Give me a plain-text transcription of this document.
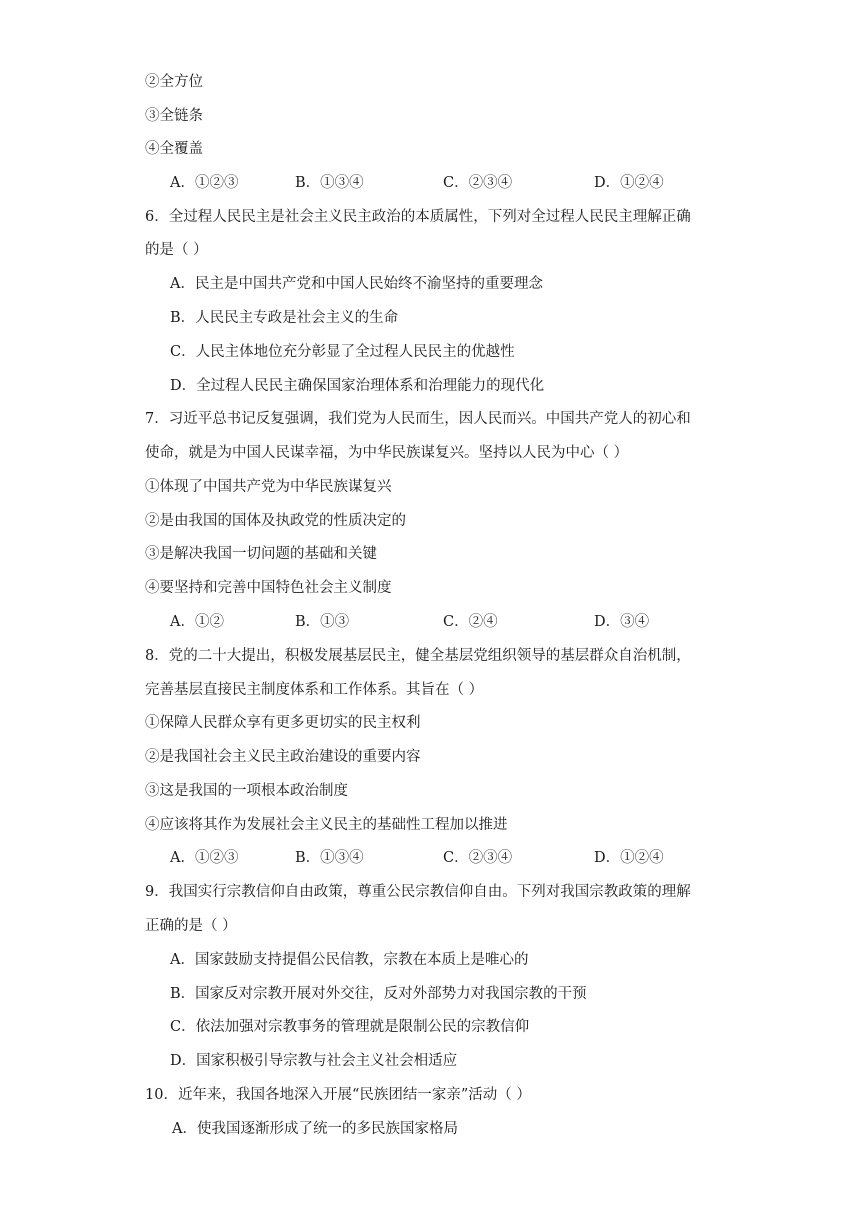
②全方位
③全链条
④全覆盖
A．①②③	B．①③④	C．②③④	D．①②④
6．全过程人民民主是社会主义民主政治的本质属性，下列对全过程人民民主理解正确
的是（ ）
A．民主是中国共产党和中国人民始终不渝坚持的重要理念
B．人民民主专政是社会主义的生命
C．人民主体地位充分彰显了全过程人民民主的优越性
D．全过程人民民主确保国家治理体系和治理能力的现代化
7．习近平总书记反复强调，我们党为人民而生，因人民而兴。中国共产党人的初心和
使命，就是为中国人民谋幸福，为中华民族谋复兴。坚持以人民为中心（ ）
①体现了中国共产党为中华民族谋复兴
②是由我国的国体及执政党的性质决定的
③是解决我国一切问题的基础和关键
④要坚持和完善中国特色社会主义制度
A．①②	B．①③	C．②④	D．③④
8．党的二十大提出，积极发展基层民主，健全基层党组织领导的基层群众自治机制，
完善基层直接民主制度体系和工作体系。其旨在（ ）
①保障人民群众享有更多更切实的民主权利
②是我国社会主义民主政治建设的重要内容
③这是我国的一项根本政治制度
④应该将其作为发展社会主义民主的基础性工程加以推进
A．①②③	B．①③④	C．②③④	D．①②④
9．我国实行宗教信仰自由政策，尊重公民宗教信仰自由。下列对我国宗教政策的理解
正确的是（ ）
A．国家鼓励支持提倡公民信教，宗教在本质上是唯心的
B．国家反对宗教开展对外交往，反对外部势力对我国宗教的干预
C．依法加强对宗教事务的管理就是限制公民的宗教信仰
D．国家积极引导宗教与社会主义社会相适应
10．近年来，我国各地深入开展“民族团结一家亲”活动（ ）
A．使我国逐渐形成了统一的多民族国家格局
